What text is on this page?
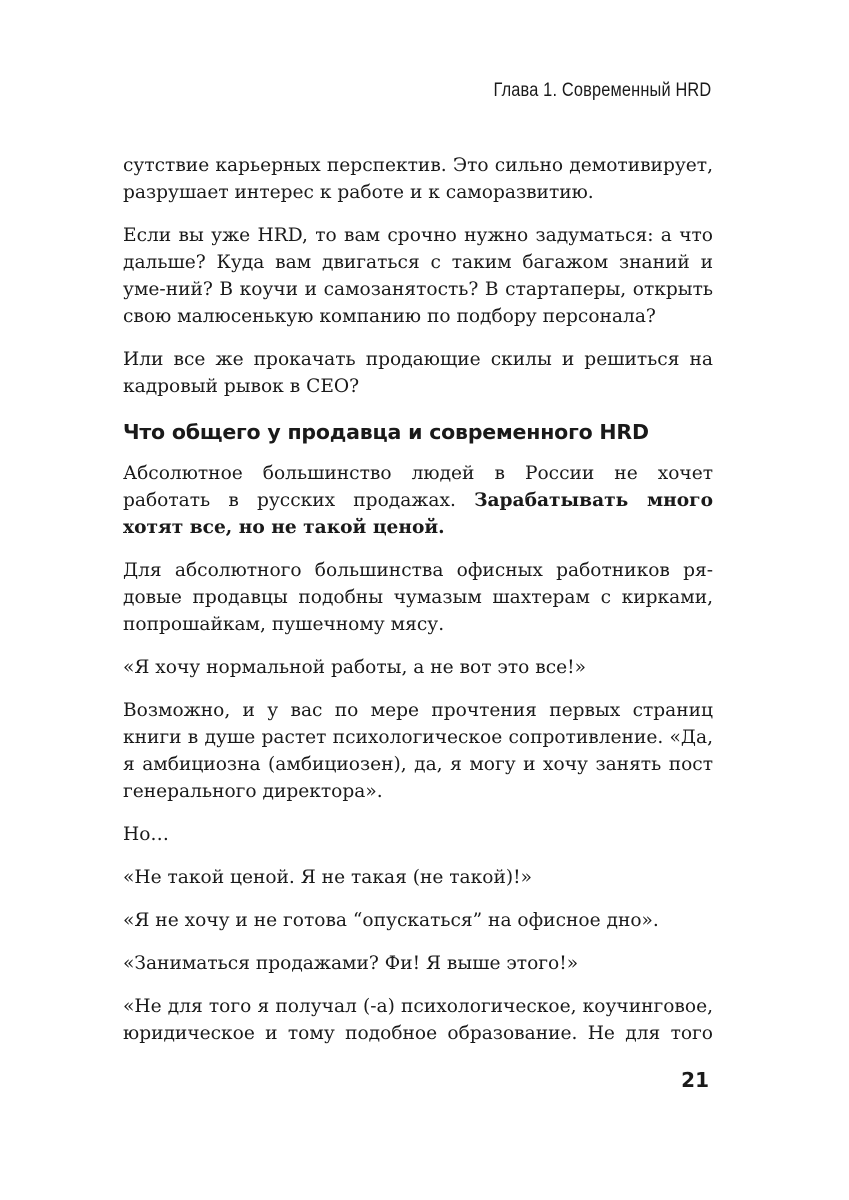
Глава 1. Современный HRD

сутствие карьерных перспектив. Это сильно демотивирует, разрушает интерес к работе и к саморазвитию.

Если вы уже HRD, то вам срочно нужно задуматься: а что дальше? Куда вам двигаться с таким багажом знаний и уме-ний? В коучи и самозанятость? В стартаперы, открыть свою малюсенькую компанию по подбору персонала?

Или все же прокачать продающие скилы и решиться на кадровый рывок в CEO?

Что общего у продавца и современного HRD

Абсолютное большинство людей в России не хочет работать в русских продажах. Зарабатывать много хотят все, но не такой ценой.

Для абсолютного большинства офисных работников ря-довые продавцы подобны чумазым шахтерам с кирками, попрошайкам, пушечному мясу.

«Я хочу нормальной работы, а не вот это все!»

Возможно, и у вас по мере прочтения первых страниц книги в душе растет психологическое сопротивление. «Да, я амбициозна (амбициозен), да, я могу и хочу занять пост генерального директора».

Но…

«Не такой ценой. Я не такая (не такой)!»

«Я не хочу и не готова “опускаться” на офисное дно».

«Заниматься продажами? Фи! Я выше этого!»

«Не для того я получал (-а) психологическое, коучинговое, юридическое и тому подобное образование. Не для того

21
